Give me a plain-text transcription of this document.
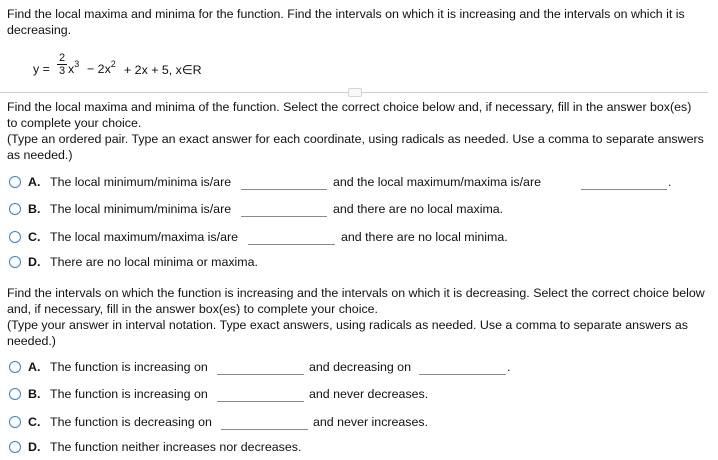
Find the local maxima and minima for the function. Find the intervals on which it is increasing and the intervals on which it is decreasing.
$y = \frac{2}{3} x^3 - 2x^2 + 2x + 5$, x∈R
Find the local maxima and minima of the function. Select the correct choice below and, if necessary, fill in the answer box(es) to complete your choice.
(Type an ordered pair. Type an exact answer for each coordinate, using radicals as needed. Use a comma to separate answers as needed.)
A. The local minimum/minima is/are	and the local maximum/maxima is/are	.
B. The local minimum/minima is/are	and there are no local maxima.
C. The local maximum/maxima is/are	and there are no local minima.
D. There are no local minima or maxima.
Find the intervals on which the function is increasing and the intervals on which it is decreasing. Select the correct choice below and, if necessary, fill in the answer box(es) to complete your choice.
(Type your answer in interval notation. Type exact answers, using radicals as needed. Use a comma to separate answers as needed.)
A. The function is increasing on	and decreasing on	.
B. The function is increasing on	and never decreases.
C. The function is decreasing on	and never increases.
D. The function neither increases nor decreases.
